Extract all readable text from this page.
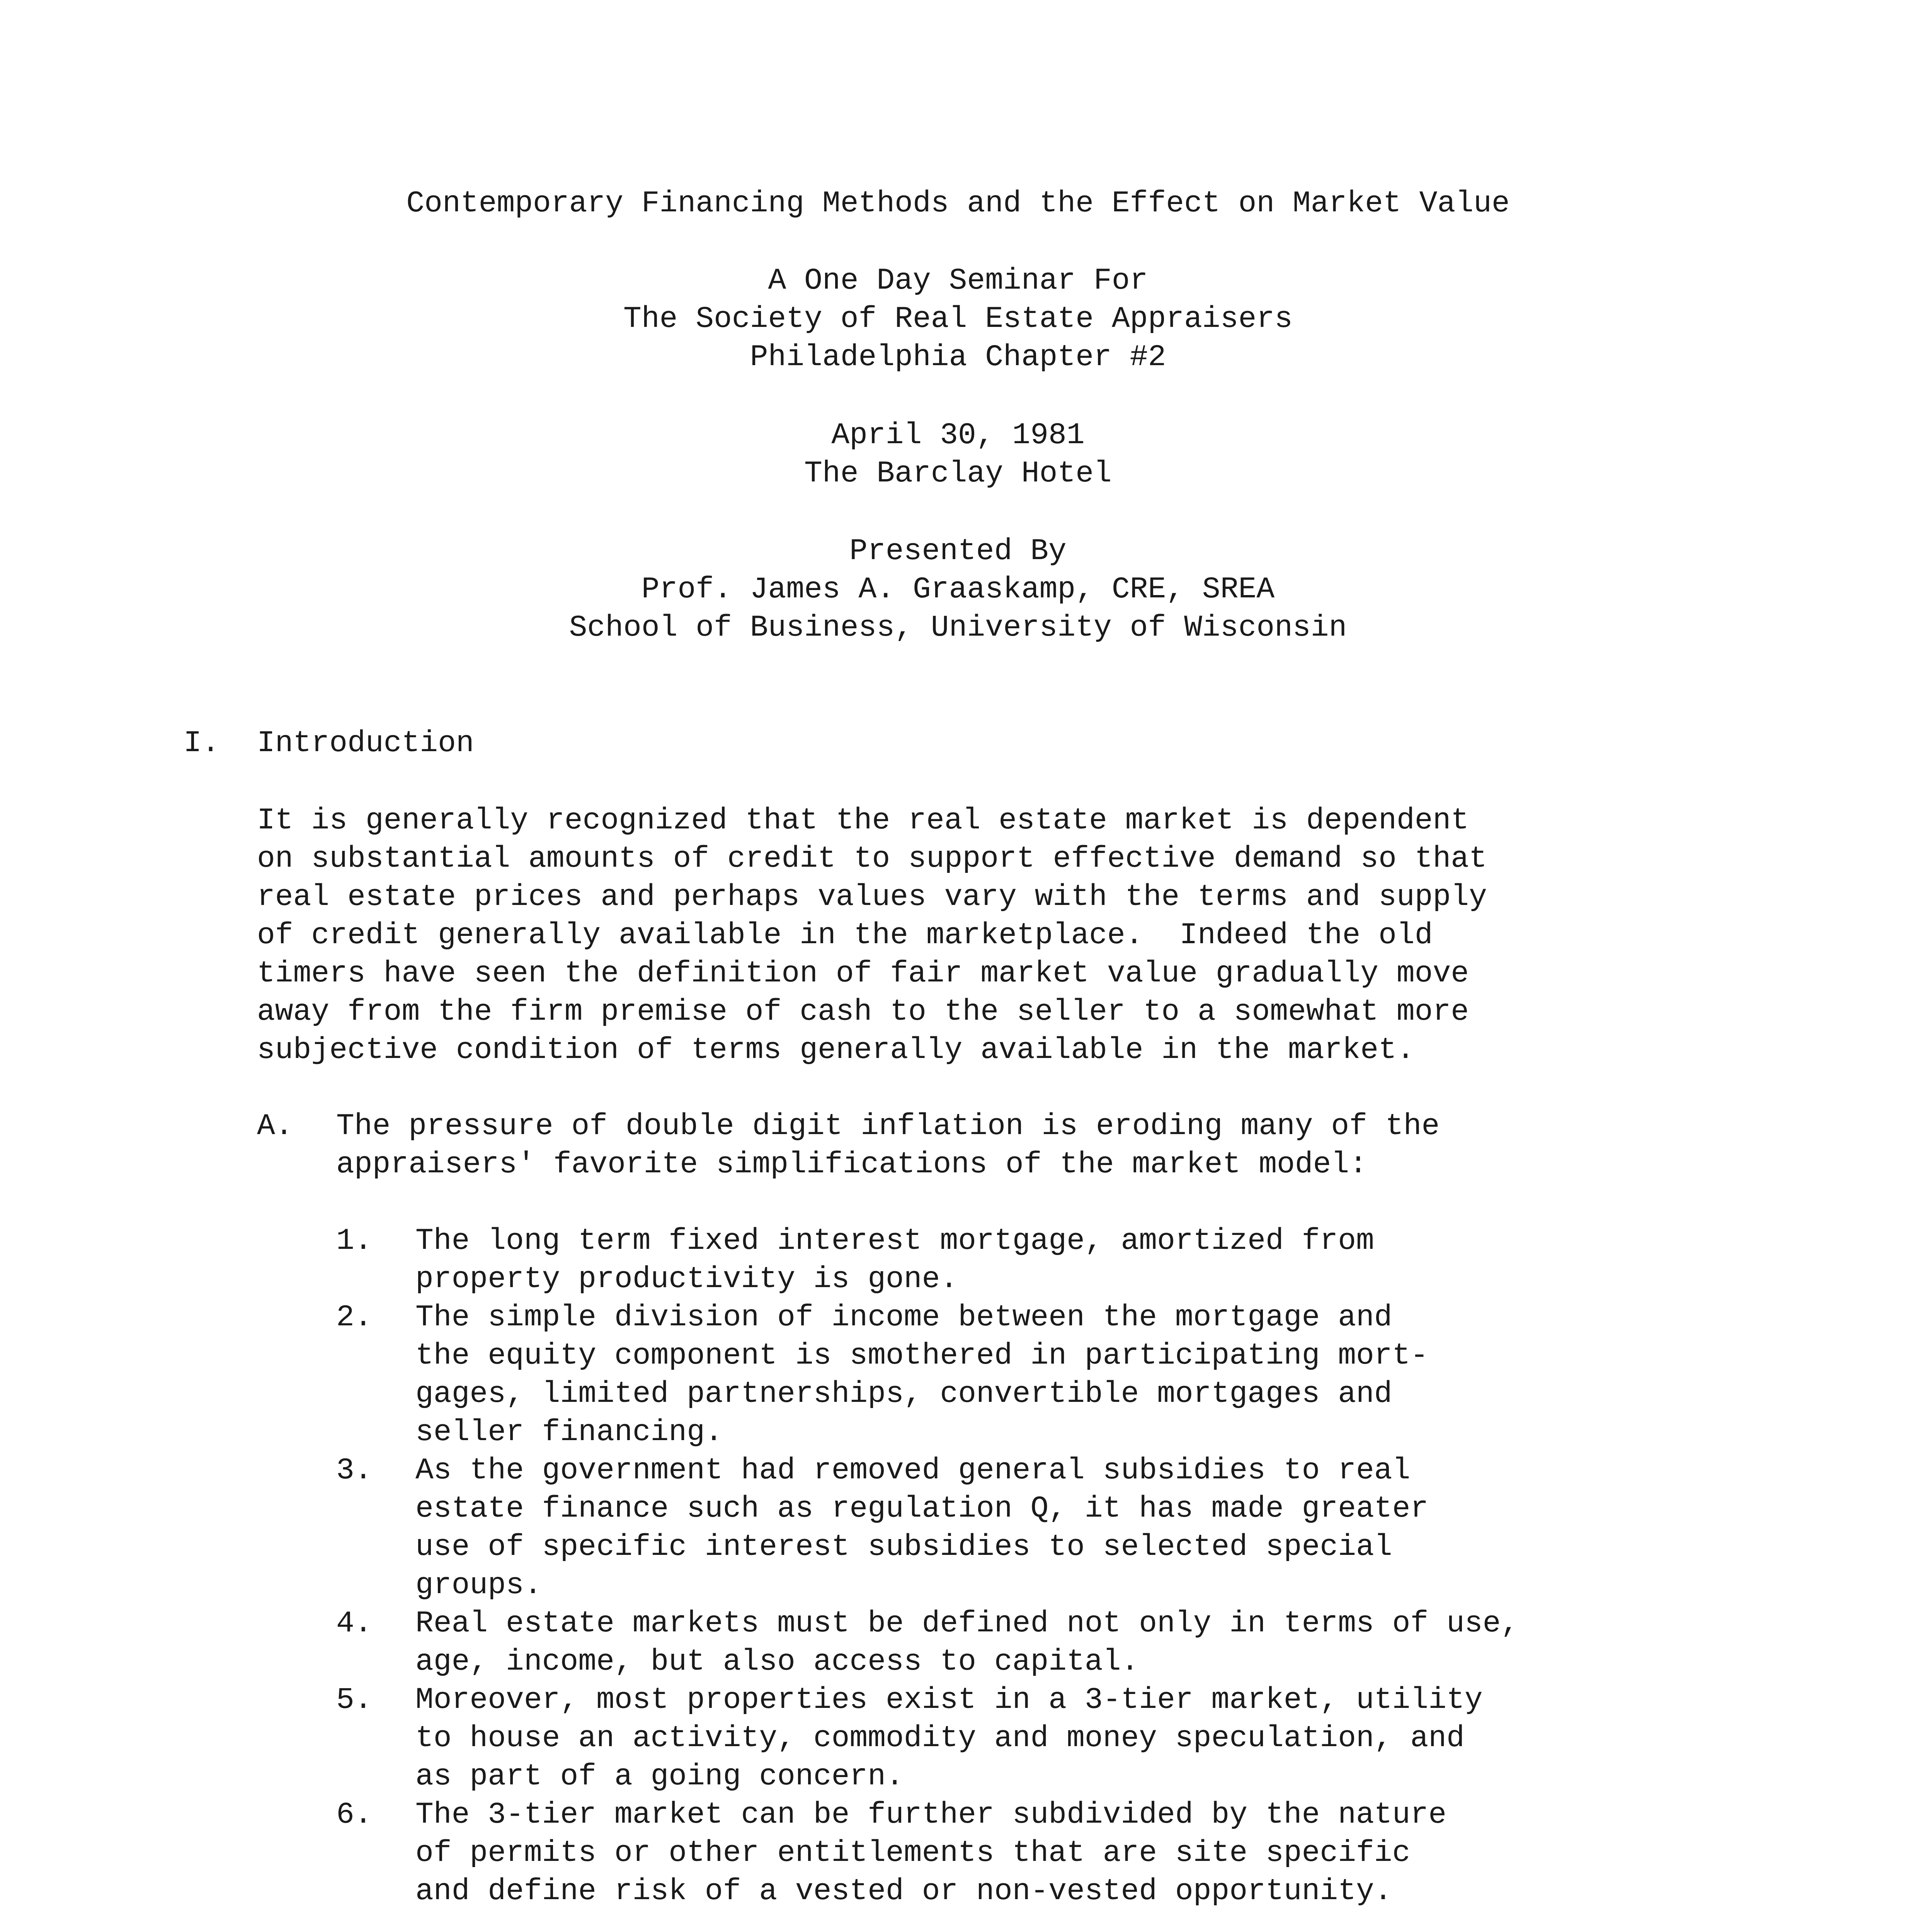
Contemporary Financing Methods and the Effect on Market Value
A One Day Seminar For
The Society of Real Estate Appraisers
Philadelphia Chapter #2
April 30, 1981
The Barclay Hotel
Presented By
Prof. James A. Graaskamp, CRE, SREA
School of Business, University of Wisconsin
I. Introduction
It is generally recognized that the real estate market is dependent
on substantial amounts of credit to support effective demand so that
real estate prices and perhaps values vary with the terms and supply
of credit generally available in the marketplace.  Indeed the old
timers have seen the definition of fair market value gradually move
away from the firm premise of cash to the seller to a somewhat more
subjective condition of terms generally available in the market.
A. The pressure of double digit inflation is eroding many of the
appraisers' favorite simplifications of the market model:
1.	The long term fixed interest mortgage, amortized from
property productivity is gone.
2.	The simple division of income between the mortgage and
the equity component is smothered in participating mort-
gages, limited partnerships, convertible mortgages and
seller financing.
3.	As the government had removed general subsidies to real
estate finance such as regulation Q, it has made greater
use of specific interest subsidies to selected special
groups.
4.	Real estate markets must be defined not only in terms of use,
age, income, but also access to capital.
5.	Moreover, most properties exist in a 3-tier market, utility
to house an activity, commodity and money speculation, and
as part of a going concern.
6.	The 3-tier market can be further subdivided by the nature
of permits or other entitlements that are site specific
and define risk of a vested or non-vested opportunity.
